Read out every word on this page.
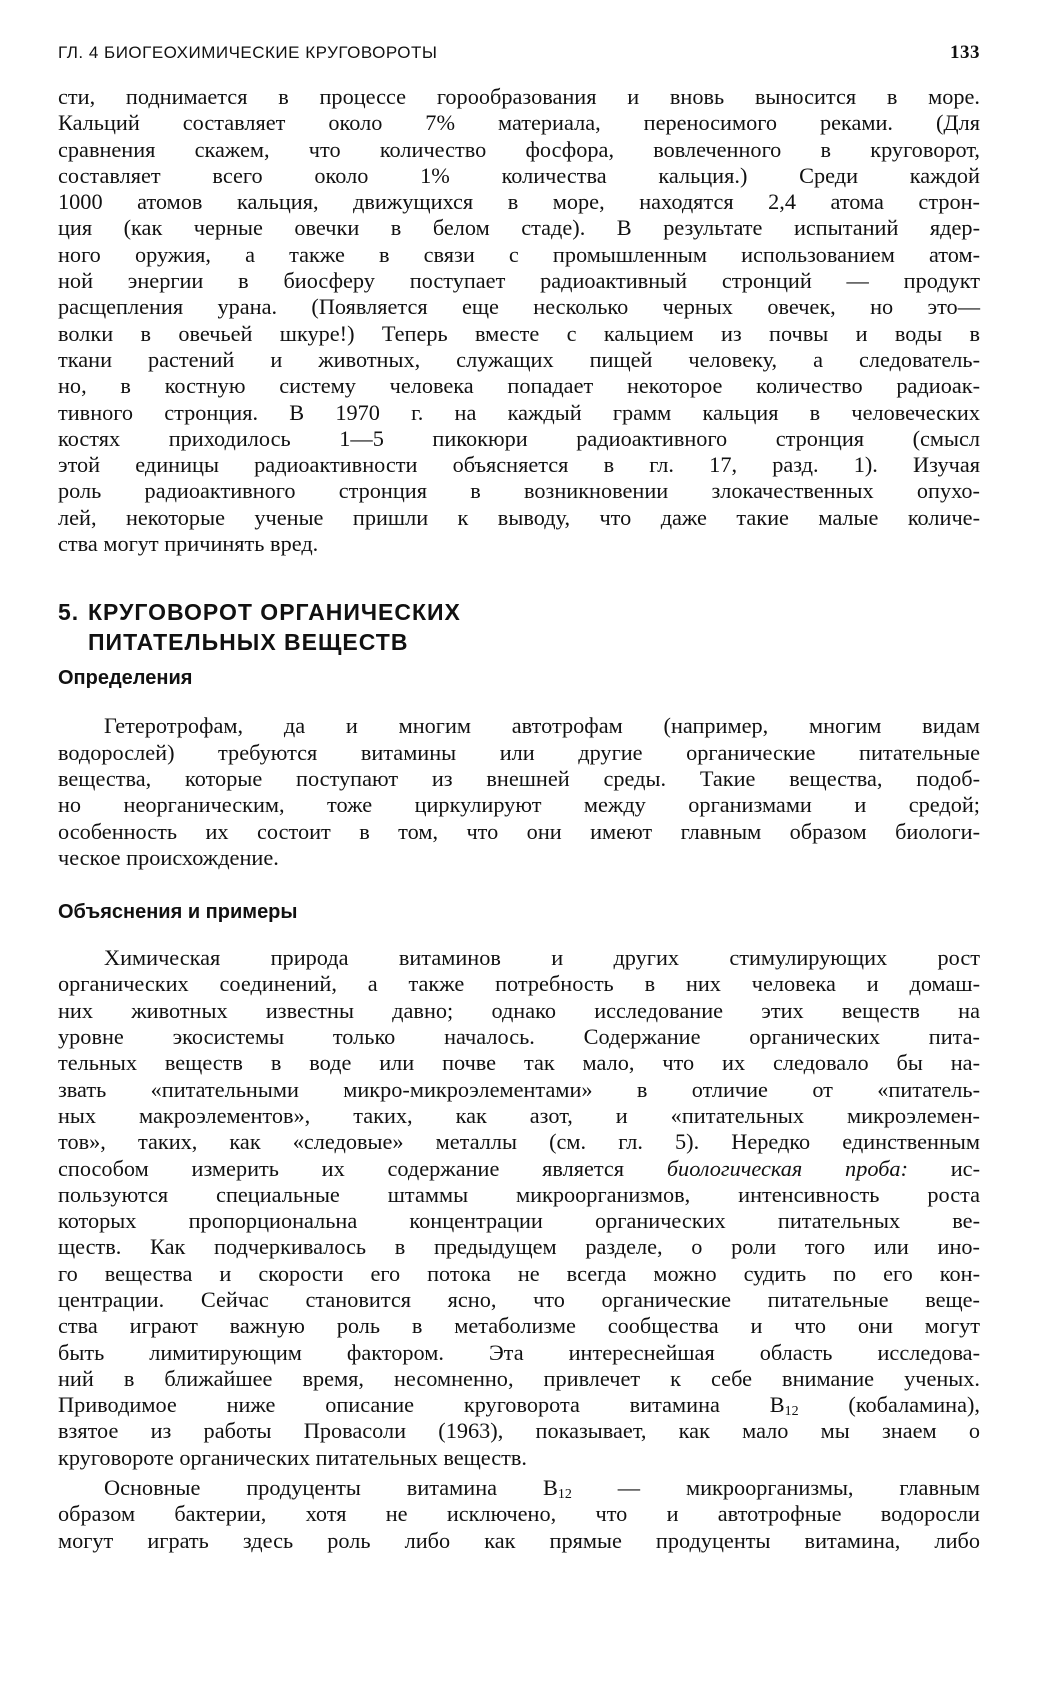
ГЛ. 4 БИОГЕОХИМИЧЕСКИЕ КРУГОВОРОТЫ	133

сти, поднимается в процессе горообразования и вновь выносится в море.
Кальций составляет около 7% материала, переносимого реками. (Для
сравнения скажем, что количество фосфора, вовлеченного в круговорот,
составляет всего около 1% количества кальция.) Среди каждой
1000 атомов кальция, движущихся в море, находятся 2,4 атома строн-
ция (как черные овечки в белом стаде). В результате испытаний ядер-
ного оружия, а также в связи с промышленным использованием атом-
ной энергии в биосферу поступает радиоактивный стронций — продукт
расщепления урана. (Появляется еще несколько черных овечек, но это—
волки в овечьей шкуре!) Теперь вместе с кальцием из почвы и воды в
ткани растений и животных, служащих пищей человеку, а следователь-
но, в костную систему человека попадает некоторое количество радиоак-
тивного стронция. В 1970 г. на каждый грамм кальция в человеческих
костях приходилось 1—5 пикокюри радиоактивного стронция (смысл
этой единицы радиоактивности объясняется в гл. 17, разд. 1). Изучая
роль радиоактивного стронция в возникновении злокачественных опухо-
лей, некоторые ученые пришли к выводу, что даже такие малые количе-
ства могут причинять вред.

5. КРУГОВОРОТ ОРГАНИЧЕСКИХ
ПИТАТЕЛЬНЫХ ВЕЩЕСТВ
Определения

Гетеротрофам, да и многим автотрофам (например, многим видам
водорослей) требуются витамины или другие органические питательные
вещества, которые поступают из внешней среды. Такие вещества, подоб-
но неорганическим, тоже циркулируют между организмами и средой;
особенность их состоит в том, что они имеют главным образом биологи-
ческое происхождение.

Объяснения и примеры

Химическая природа витаминов и других стимулирующих рост
органических соединений, а также потребность в них человека и домаш-
них животных известны давно; однако исследование этих веществ на
уровне экосистемы только началось. Содержание органических пита-
тельных веществ в воде или почве так мало, что их следовало бы на-
звать «питательными микро-микроэлементами» в отличие от «питатель-
ных макроэлементов», таких, как азот, и «питательных микроэлемен-
тов», таких, как «следовые» металлы (см. гл. 5). Нередко единственным
способом измерить их содержание является биологическая проба: ис-
пользуются специальные штаммы микроорганизмов, интенсивность роста
которых пропорциональна концентрации органических питательных ве-
ществ. Как подчеркивалось в предыдущем разделе, о роли того или ино-
го вещества и скорости его потока не всегда можно судить по его кон-
центрации. Сейчас становится ясно, что органические питательные веще-
ства играют важную роль в метаболизме сообщества и что они могут
быть лимитирующим фактором. Эта интереснейшая область исследова-
ний в ближайшее время, несомненно, привлечет к себе внимание ученых.
Приводимое ниже описание круговорота витамина $B_{12}$ (кобаламина),
взятое из работы Провасоли (1963), показывает, как мало мы знаем о
круговороте органических питательных веществ.

Основные продуценты витамина $B_{12}$ — микроорганизмы, главным
образом бактерии, хотя не исключено, что и автотрофные водоросли
могут играть здесь роль либо как прямые продуценты витамина, либо
